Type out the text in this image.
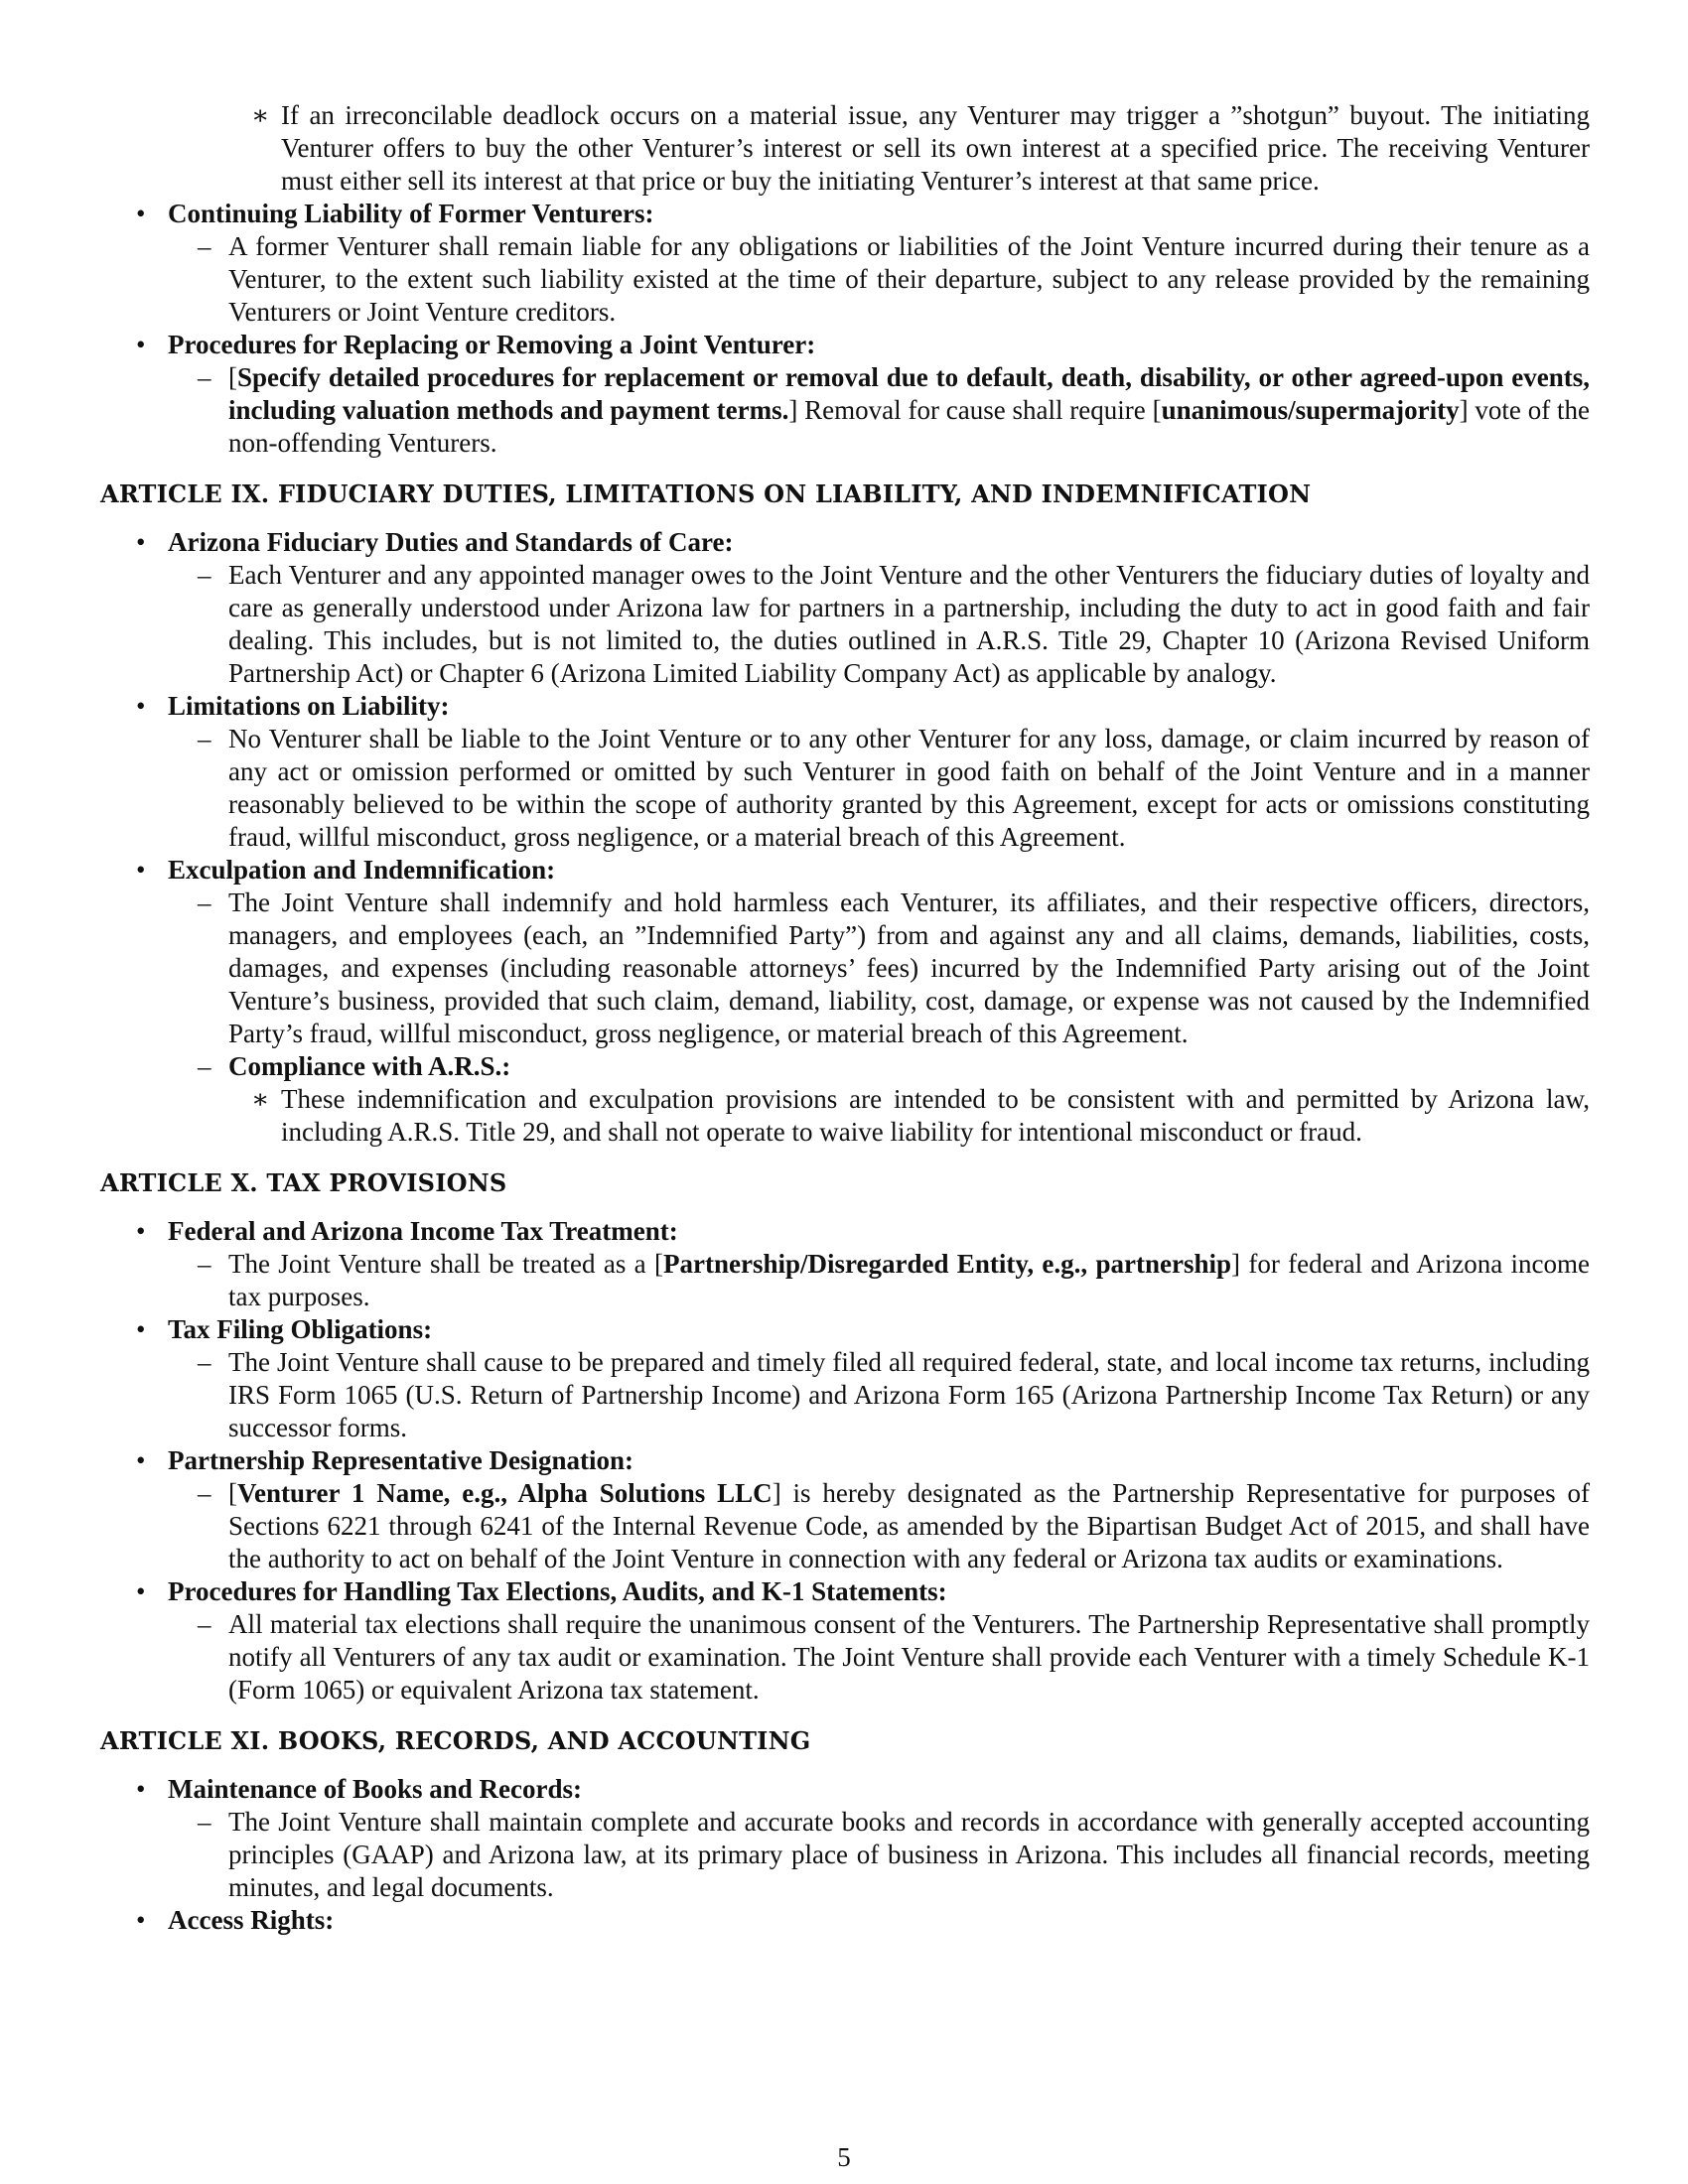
∗ If an irreconcilable deadlock occurs on a material issue, any Venturer may trigger a ”shotgun” buyout. The initiating Venturer offers to buy the other Venturer’s interest or sell its own interest at a specified price. The receiving Venturer must either sell its interest at that price or buy the initiating Venturer’s interest at that same price.
• Continuing Liability of Former Venturers:
– A former Venturer shall remain liable for any obligations or liabilities of the Joint Venture incurred during their tenure as a Venturer, to the extent such liability existed at the time of their departure, subject to any release provided by the remaining Venturers or Joint Venture creditors.
• Procedures for Replacing or Removing a Joint Venturer:
– [Specify detailed procedures for replacement or removal due to default, death, disability, or other agreed-upon events, including valuation methods and payment terms.] Removal for cause shall require [unanimous/supermajority] vote of the non-offending Venturers.
ARTICLE IX. FIDUCIARY DUTIES, LIMITATIONS ON LIABILITY, AND INDEMNIFICATION
• Arizona Fiduciary Duties and Standards of Care:
– Each Venturer and any appointed manager owes to the Joint Venture and the other Venturers the fiduciary duties of loyalty and care as generally understood under Arizona law for partners in a partnership, including the duty to act in good faith and fair dealing. This includes, but is not limited to, the duties outlined in A.R.S. Title 29, Chapter 10 (Arizona Revised Uniform Partnership Act) or Chapter 6 (Arizona Limited Liability Company Act) as applicable by analogy.
• Limitations on Liability:
– No Venturer shall be liable to the Joint Venture or to any other Venturer for any loss, damage, or claim incurred by reason of any act or omission performed or omitted by such Venturer in good faith on behalf of the Joint Venture and in a manner reasonably believed to be within the scope of authority granted by this Agreement, except for acts or omissions constituting fraud, willful misconduct, gross negligence, or a material breach of this Agreement.
• Exculpation and Indemnification:
– The Joint Venture shall indemnify and hold harmless each Venturer, its affiliates, and their respective officers, directors, managers, and employees (each, an ”Indemnified Party”) from and against any and all claims, demands, liabilities, costs, damages, and expenses (including reasonable attorneys’ fees) incurred by the Indemnified Party arising out of the Joint Venture’s business, provided that such claim, demand, liability, cost, damage, or expense was not caused by the Indemnified Party’s fraud, willful misconduct, gross negligence, or material breach of this Agreement.
– Compliance with A.R.S.:
∗ These indemnification and exculpation provisions are intended to be consistent with and permitted by Arizona law, including A.R.S. Title 29, and shall not operate to waive liability for intentional misconduct or fraud.
ARTICLE X. TAX PROVISIONS
• Federal and Arizona Income Tax Treatment:
– The Joint Venture shall be treated as a [Partnership/Disregarded Entity, e.g., partnership] for federal and Arizona income tax purposes.
• Tax Filing Obligations:
– The Joint Venture shall cause to be prepared and timely filed all required federal, state, and local income tax returns, including IRS Form 1065 (U.S. Return of Partnership Income) and Arizona Form 165 (Arizona Partnership Income Tax Return) or any successor forms.
• Partnership Representative Designation:
– [Venturer 1 Name, e.g., Alpha Solutions LLC] is hereby designated as the Partnership Representative for purposes of Sections 6221 through 6241 of the Internal Revenue Code, as amended by the Bipartisan Budget Act of 2015, and shall have the authority to act on behalf of the Joint Venture in connection with any federal or Arizona tax audits or examinations.
• Procedures for Handling Tax Elections, Audits, and K-1 Statements:
– All material tax elections shall require the unanimous consent of the Venturers. The Partnership Representative shall promptly notify all Venturers of any tax audit or examination. The Joint Venture shall provide each Venturer with a timely Schedule K-1 (Form 1065) or equivalent Arizona tax statement.
ARTICLE XI. BOOKS, RECORDS, AND ACCOUNTING
• Maintenance of Books and Records:
– The Joint Venture shall maintain complete and accurate books and records in accordance with generally accepted accounting principles (GAAP) and Arizona law, at its primary place of business in Arizona. This includes all financial records, meeting minutes, and legal documents.
• Access Rights:
5
